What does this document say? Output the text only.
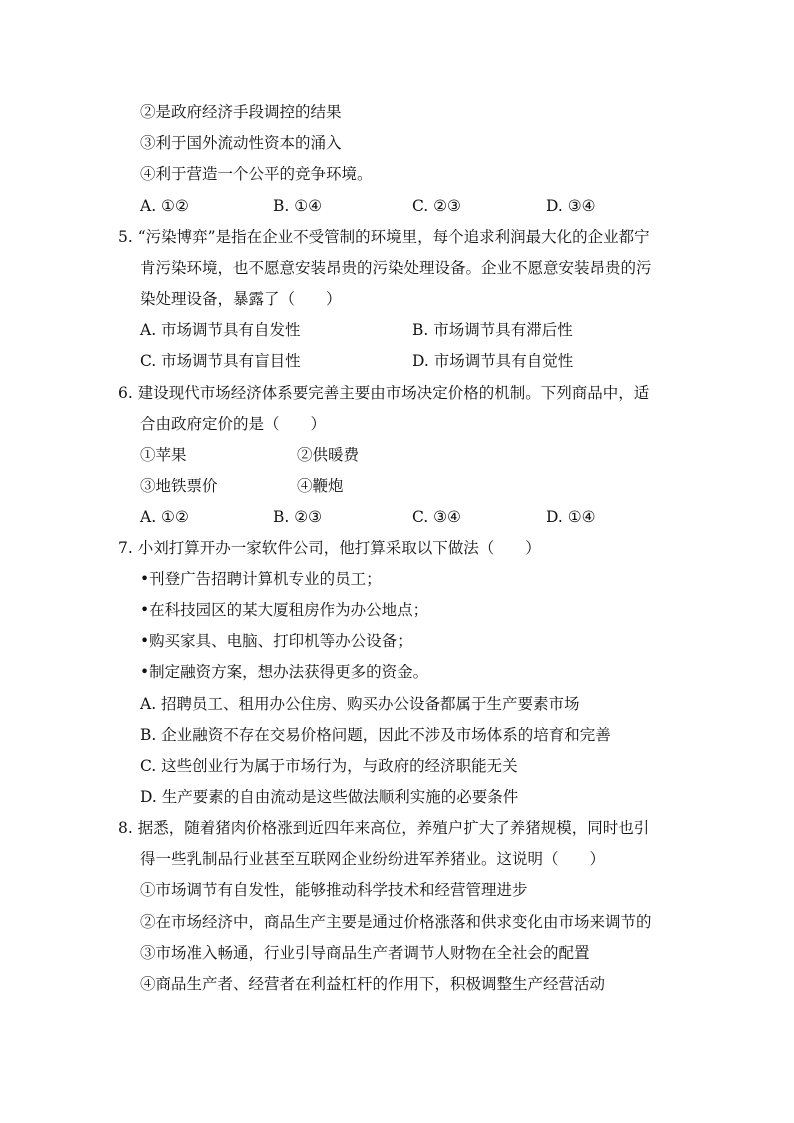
②是政府经济手段调控的结果
③利于国外流动性资本的涌入
④利于营造一个公平的竞争环境。
A. ①②	B. ①④	C. ②③	D. ③④
5. “污染博弈”是指在企业不受管制的环境里，每个追求利润最大化的企业都宁
肯污染环境，也不愿意安装昂贵的污染处理设备。企业不愿意安装昂贵的污
染处理设备，暴露了（　　）
A. 市场调节具有自发性	B. 市场调节具有滞后性
C. 市场调节具有盲目性	D. 市场调节具有自觉性
6. 建设现代市场经济体系要完善主要由市场决定价格的机制。下列商品中，适
合由政府定价的是（　　）
①苹果	②供暖费
③地铁票价	④鞭炮
A. ①②	B. ②③	C. ③④	D. ①④
7. 小刘打算开办一家软件公司，他打算采取以下做法（　　）
•刊登广告招聘计算机专业的员工；
•在科技园区的某大厦租房作为办公地点；
•购买家具、电脑、打印机等办公设备；
•制定融资方案，想办法获得更多的资金。
A. 招聘员工、租用办公住房、购买办公设备都属于生产要素市场
B. 企业融资不存在交易价格问题，因此不涉及市场体系的培育和完善
C. 这些创业行为属于市场行为，与政府的经济职能无关
D. 生产要素的自由流动是这些做法顺利实施的必要条件
8. 据悉，随着猪肉价格涨到近四年来高位，养殖户扩大了养猪规模，同时也引
得一些乳制品行业甚至互联网企业纷纷进军养猪业。这说明（　　）
①市场调节有自发性，能够推动科学技术和经营管理进步
②在市场经济中，商品生产主要是通过价格涨落和供求变化由市场来调节的
③市场准入畅通，行业引导商品生产者调节人财物在全社会的配置
④商品生产者、经营者在利益杠杆的作用下，积极调整生产经营活动
